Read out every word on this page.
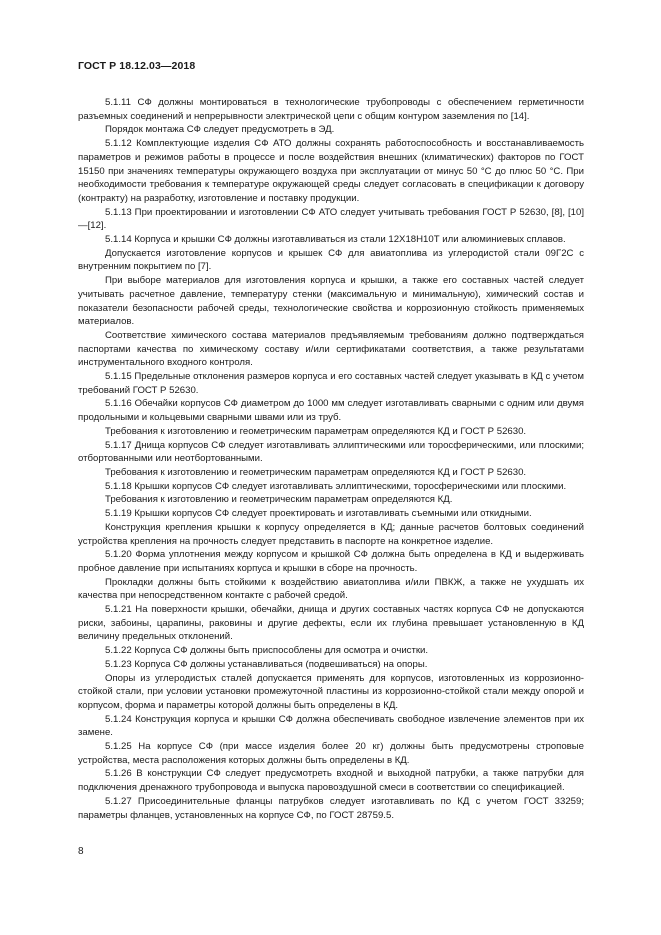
ГОСТ Р 18.12.03—2018

5.1.11 СФ должны монтироваться в технологические трубопроводы с обеспечением герметичности разъемных соединений и непрерывности электрической цепи с общим контуром заземления по [14].

Порядок монтажа СФ следует предусмотреть в ЭД.

5.1.12 Комплектующие изделия СФ АТО должны сохранять работоспособность и восстанавливаемость параметров и режимов работы в процессе и после воздействия внешних (климатических) факторов по ГОСТ 15150 при значениях температуры окружающего воздуха при эксплуатации от минус 50 °С до плюс 50 °С. При необходимости требования к температуре окружающей среды следует согласовать в спецификации к договору (контракту) на разработку, изготовление и поставку продукции.

5.1.13 При проектировании и изготовлении СФ АТО следует учитывать требования ГОСТ Р 52630, [8], [10]—[12].

5.1.14 Корпуса и крышки СФ должны изготавливаться из стали 12Х18Н10Т или алюминиевых сплавов.

Допускается изготовление корпусов и крышек СФ для авиатоплива из углеродистой стали 09Г2С с внутренним покрытием по [7].

При выборе материалов для изготовления корпуса и крышки, а также его составных частей следует учитывать расчетное давление, температуру стенки (максимальную и минимальную), химический состав и показатели безопасности рабочей среды, технологические свойства и коррозионную стойкость применяемых материалов.

Соответствие химического состава материалов предъявляемым требованиям должно подтверждаться паспортами качества по химическому составу и/или сертификатами соответствия, а также результатами инструментального входного контроля.

5.1.15 Предельные отклонения размеров корпуса и его составных частей следует указывать в КД с учетом требований ГОСТ Р 52630.

5.1.16 Обечайки корпусов СФ диаметром до 1000 мм следует изготавливать сварными с одним или двумя продольными и кольцевыми сварными швами или из труб.

Требования к изготовлению и геометрическим параметрам определяются КД и ГОСТ Р 52630.

5.1.17 Днища корпусов СФ следует изготавливать эллиптическими или торосферическими, или плоскими; отбортованными или неотбортованными.

Требования к изготовлению и геометрическим параметрам определяются КД и ГОСТ Р 52630.

5.1.18 Крышки корпусов СФ следует изготавливать эллиптическими, торосферическими или плоскими.

Требования к изготовлению и геометрическим параметрам определяются КД.

5.1.19 Крышки корпусов СФ следует проектировать и изготавливать съемными или откидными.

Конструкция крепления крышки к корпусу определяется в КД; данные расчетов болтовых соединений устройства крепления на прочность следует представить в паспорте на конкретное изделие.

5.1.20 Форма уплотнения между корпусом и крышкой СФ должна быть определена в КД и выдерживать пробное давление при испытаниях корпуса и крышки в сборе на прочность.

Прокладки должны быть стойкими к воздействию авиатоплива и/или ПВКЖ, а также не ухудшать их качества при непосредственном контакте с рабочей средой.

5.1.21 На поверхности крышки, обечайки, днища и других составных частях корпуса СФ не допускаются риски, забоины, царапины, раковины и другие дефекты, если их глубина превышает установленную в КД величину предельных отклонений.

5.1.22 Корпуса СФ должны быть приспособлены для осмотра и очистки.

5.1.23 Корпуса СФ должны устанавливаться (подвешиваться) на опоры.

Опоры из углеродистых сталей допускается применять для корпусов, изготовленных из коррозионно-стойкой стали, при условии установки промежуточной пластины из коррозионно-стойкой стали между опорой и корпусом, форма и параметры которой должны быть определены в КД.

5.1.24 Конструкция корпуса и крышки СФ должна обеспечивать свободное извлечение элементов при их замене.

5.1.25 На корпусе СФ (при массе изделия более 20 кг) должны быть предусмотрены строповые устройства, места расположения которых должны быть определены в КД.

5.1.26 В конструкции СФ следует предусмотреть входной и выходной патрубки, а также патрубки для подключения дренажного трубопровода и выпуска паровоздушной смеси в соответствии со спецификацией.

5.1.27 Присоединительные фланцы патрубков следует изготавливать по КД с учетом ГОСТ 33259; параметры фланцев, установленных на корпусе СФ, по ГОСТ 28759.5.

8
